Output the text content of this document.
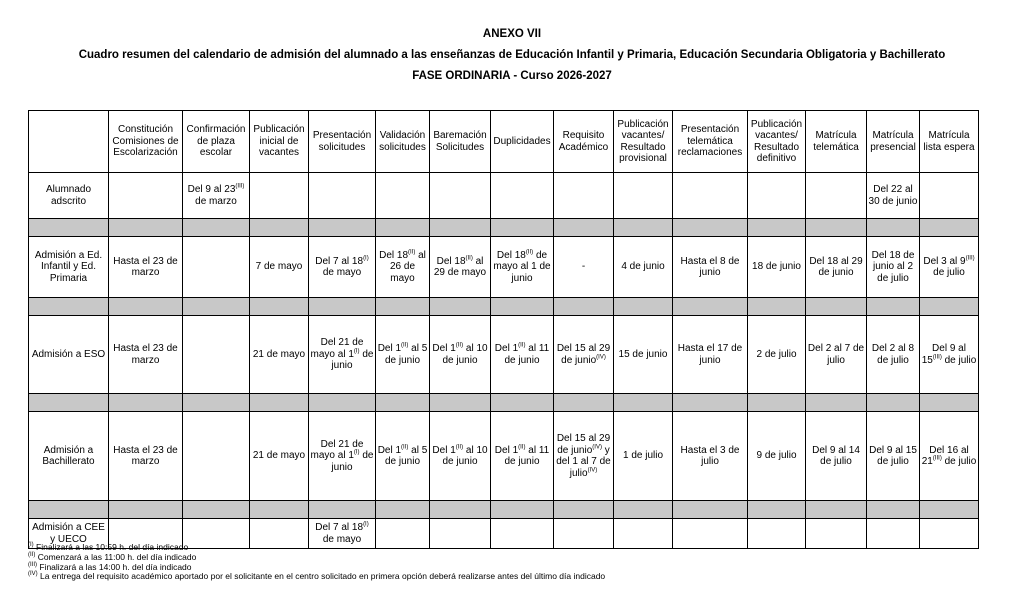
ANEXO VII
Cuadro resumen del calendario de admisión del alumnado a las enseñanzas de Educación Infantil y Primaria, Educación Secundaria Obligatoria y Bachillerato
FASE ORDINARIA - Curso 2026-2027
	Constitución Comisiones de Escolarización	Confirmación de plaza escolar	Publicación inicial de vacantes	Presentación solicitudes	Validación solicitudes	Baremación Solicitudes	Duplicidades	Requisito Académico	Publicación vacantes/ Resultado provisional	Presentación telemática reclamaciones	Publicación vacantes/ Resultado definitivo	Matrícula telemática	Matrícula presencial	Matrícula lista espera
Alumnado adscrito		Del 9 al $23^{(III)}$ de marzo											Del 22 al 30 de junio	

Admisión a Ed. Infantil y Ed. Primaria	Hasta el 23 de marzo		7 de mayo	Del 7 al $18^{(I)}$ de mayo	Del $18^{(II)}$ al 26 de mayo	Del $18^{(II)}$ al 29 de mayo	Del $18^{(II)}$ de mayo al 1 de junio	-	4 de junio	Hasta el 8 de junio	18 de junio	Del 18 al 29 de junio	Del 18 de junio al 2 de julio	Del 3 al $9^{(III)}$ de julio

Admisión a ESO	Hasta el 23 de marzo		21 de mayo	Del 21 de mayo al $1^{(I)}$ de junio	Del $1^{(II)}$ al 5 de junio	Del $1^{(II)}$ al 10 de junio	Del $1^{(II)}$ al 11 de junio	Del 15 al 29 de junio$^{(IV)}$	15 de junio	Hasta el 17 de junio	2 de julio	Del 2 al 7 de julio	Del 2 al 8 de julio	Del 9 al $15^{(III)}$ de julio

Admisión a Bachillerato	Hasta el 23 de marzo		21 de mayo	Del 21 de mayo al $1^{(I)}$ de junio	Del $1^{(II)}$ al 5 de junio	Del $1^{(II)}$ al 10 de junio	Del $1^{(II)}$ al 11 de junio	Del 15 al 29 de junio$^{(IV)}$ y del 1 al 7 de julio$^{(IV)}$	1 de julio	Hasta el 3 de julio	9 de julio	Del 9 al 14 de julio	Del 9 al 15 de julio	Del 16 al $21^{(III)}$ de julio

Admisión a CEE y UECO				Del 7 al $18^{(I)}$ de mayo										
$^{(I)}$ Finalizará a las 10:59 h. del día indicado
$^{(II)}$ Comenzará a las 11:00 h. del día indicado
$^{(III)}$ Finalizará a las 14:00 h. del día indicado
$^{(IV)}$ La entrega del requisito académico aportado por el solicitante en el centro solicitado en primera opción deberá realizarse antes del último día indicado
